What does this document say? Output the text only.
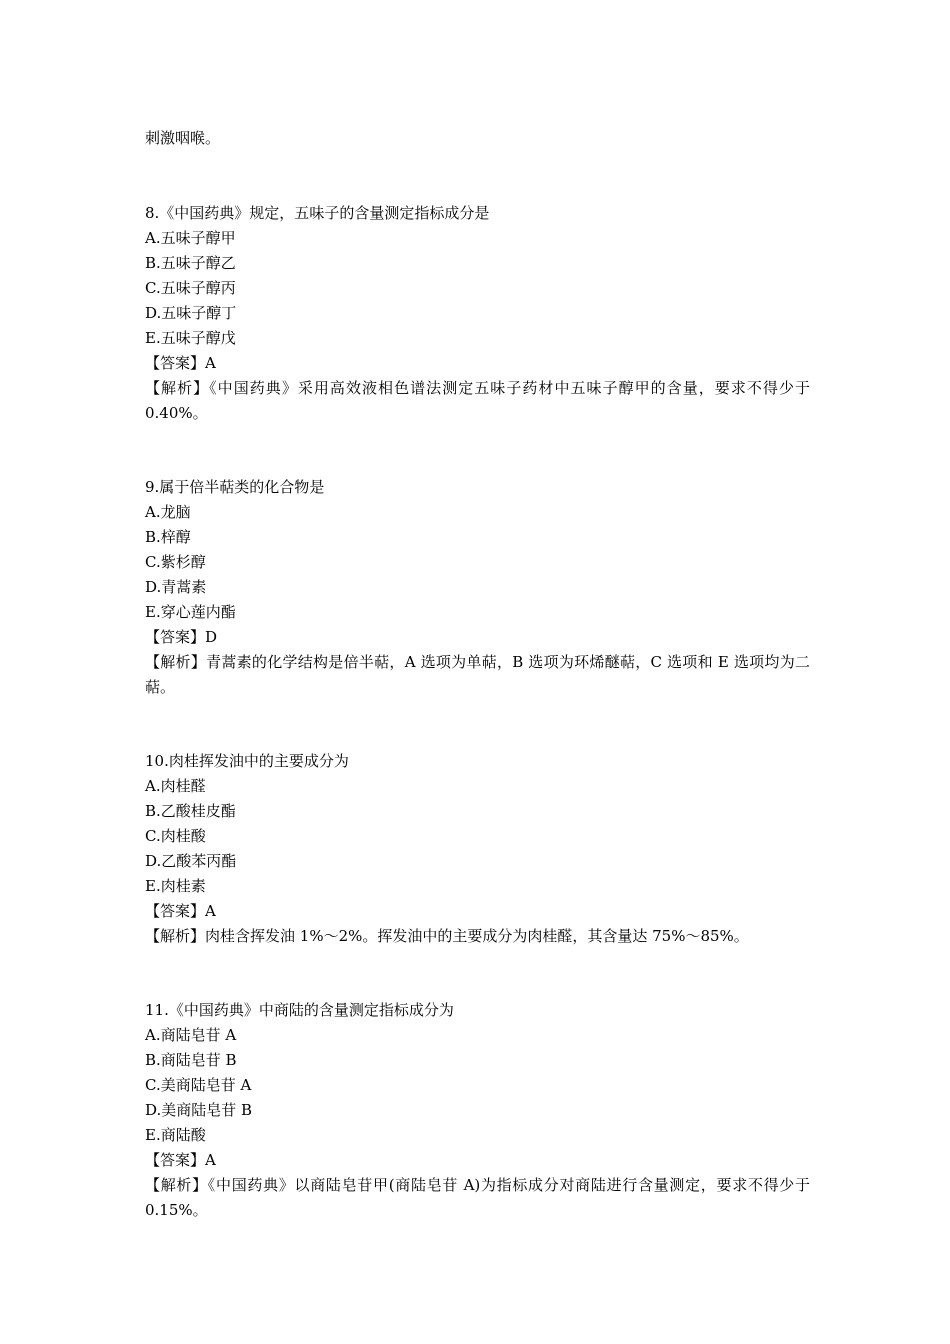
刺激咽喉。
8.《中国药典》规定，五味子的含量测定指标成分是
A.五味子醇甲
B.五味子醇乙
C.五味子醇丙
D.五味子醇丁
E.五味子醇戊
【答案】A
【解析】《中国药典》采用高效液相色谱法测定五味子药材中五味子醇甲的含量，要求不得少于 0.40%。
9.属于倍半萜类的化合物是
A.龙脑
B.梓醇
C.紫杉醇
D.青蒿素
E.穿心莲内酯
【答案】D
【解析】青蒿素的化学结构是倍半萜，A 选项为单萜，B 选项为环烯醚萜，C 选项和 E 选项均为二萜。
10.肉桂挥发油中的主要成分为
A.肉桂醛
B.乙酸桂皮酯
C.肉桂酸
D.乙酸苯丙酯
E.肉桂素
【答案】A
【解析】肉桂含挥发油 1%～2%。挥发油中的主要成分为肉桂醛，其含量达 75%～85%。
11.《中国药典》中商陆的含量测定指标成分为
A.商陆皂苷 A
B.商陆皂苷 B
C.美商陆皂苷 A
D.美商陆皂苷 B
E.商陆酸
【答案】A
【解析】《中国药典》以商陆皂苷甲(商陆皂苷 A)为指标成分对商陆进行含量测定，要求不得少于 0.15%。
